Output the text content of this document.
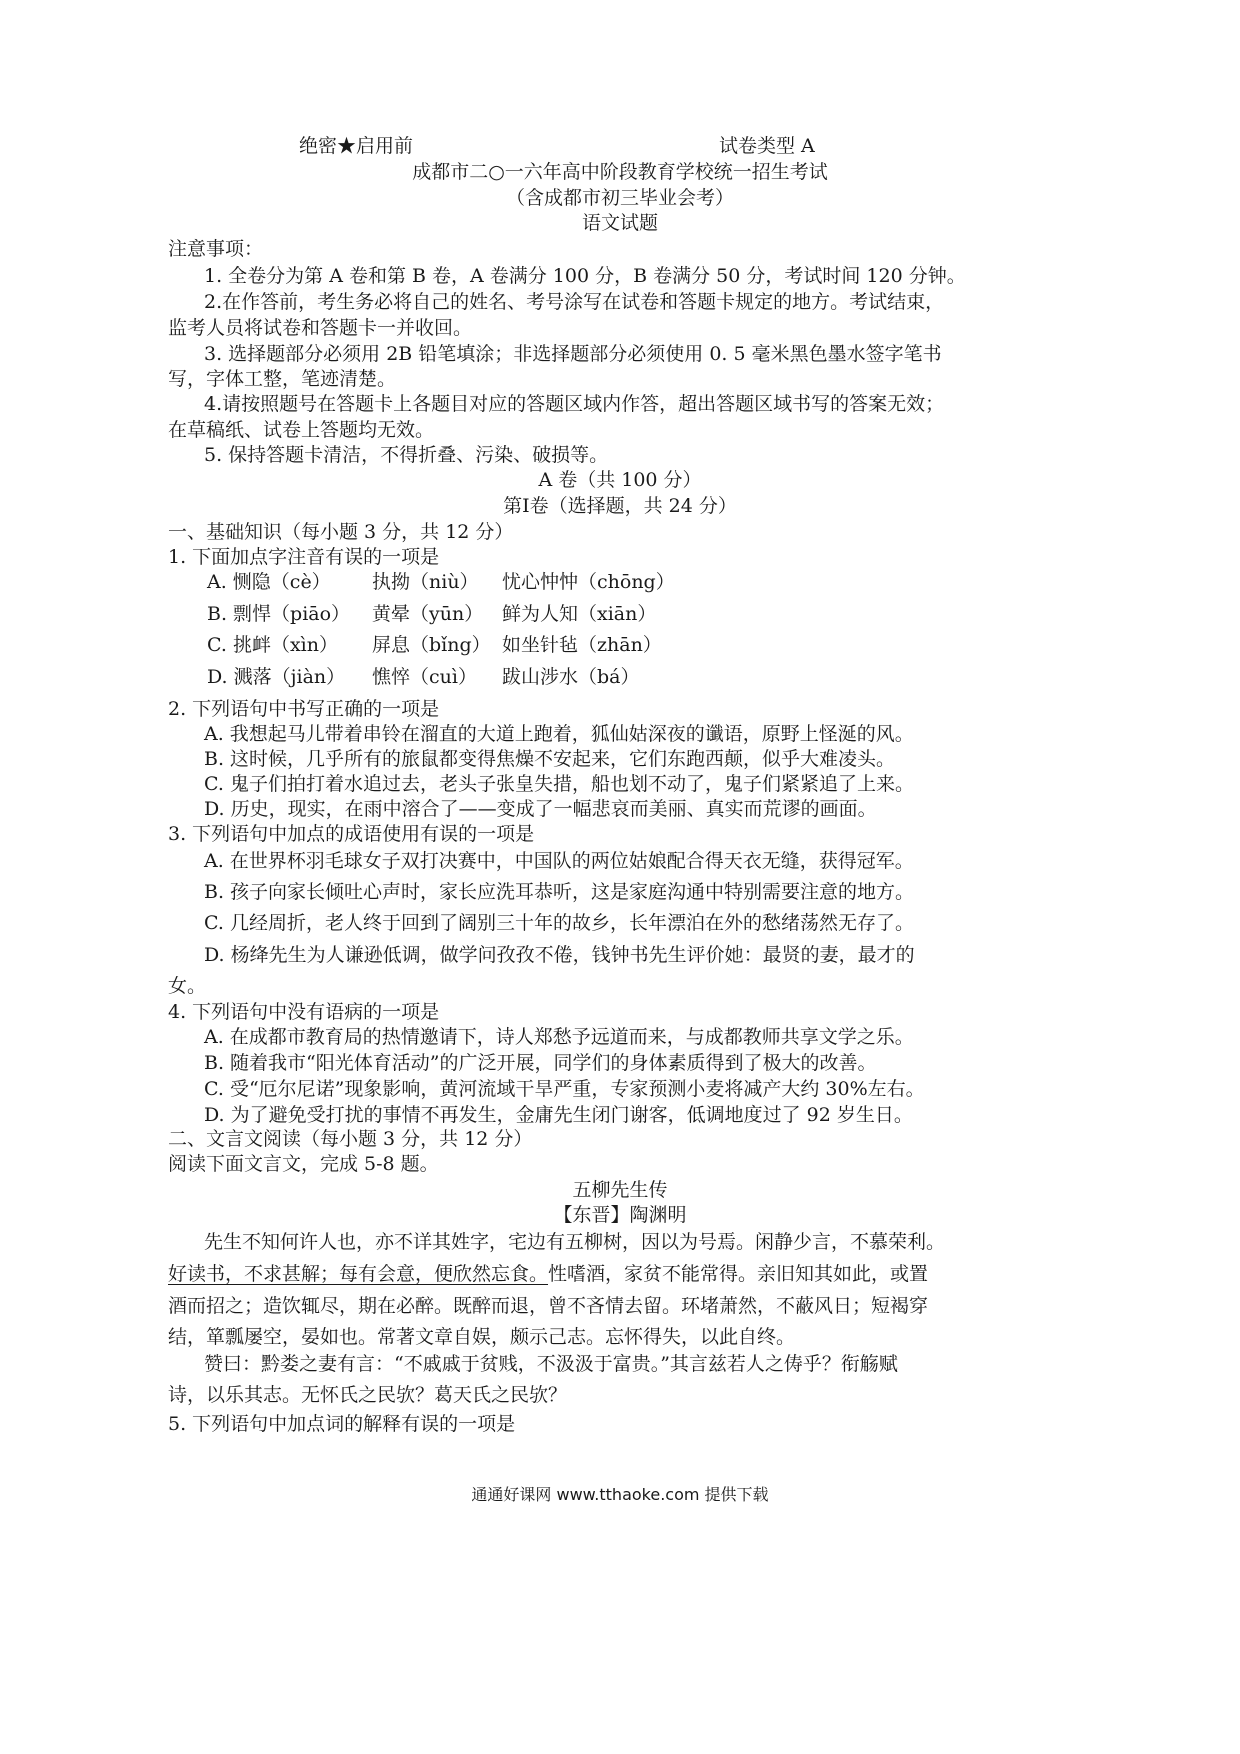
绝密★启用前	试卷类型 A
成都市二○一六年高中阶段教育学校统一招生考试
（含成都市初三毕业会考）
语文试题
注意事项：
1. 全卷分为第 A 卷和第 B 卷，A 卷满分 100 分，B 卷满分 50 分，考试时间 120 分钟。
2.在作答前，考生务必将自己的姓名、考号涂写在试卷和答题卡规定的地方。考试结束，
监考人员将试卷和答题卡一并收回。
3. 选择题部分必须用 2B 铅笔填涂；非选择题部分必须使用 0. 5 毫米黑色墨水签字笔书
写，字体工整，笔迹清楚。
4.请按照题号在答题卡上各题目对应的答题区域内作答，超出答题区域书写的答案无效；
在草稿纸、试卷上答题均无效。
5. 保持答题卡清洁，不得折叠、污染、破损等。
A 卷（共 100 分）
第Ⅰ卷（选择题，共 24 分）
一、基础知识（每小题 3 分，共 12 分）
1. 下面加点字注音有误的一项是
A. 恻隐（cè） 执拗（niù） 忧心忡忡（chōng）
B. 剽悍（piāo） 黄晕（yūn） 鲜为人知（xiān）
C. 挑衅（xìn） 屏息（bǐng） 如坐针毡（zhān）
D. 溅落（jiàn） 憔悴（cuì） 跋山涉水（bá）
2. 下列语句中书写正确的一项是
A. 我想起马儿带着串铃在溜直的大道上跑着，狐仙姑深夜的谶语，原野上怪涎的风。
B. 这时候，几乎所有的旅鼠都变得焦燥不安起来，它们东跑西颠，似乎大难凌头。
C. 鬼子们拍打着水追过去，老头子张皇失措，船也划不动了，鬼子们紧紧追了上来。
D. 历史，现实，在雨中溶合了——变成了一幅悲哀而美丽、真实而荒谬的画面。
3. 下列语句中加点的成语使用有误的一项是
A. 在世界杯羽毛球女子双打决赛中，中国队的两位姑娘配合得天衣无缝，获得冠军。
B. 孩子向家长倾吐心声时，家长应洗耳恭听，这是家庭沟通中特别需要注意的地方。
C. 几经周折，老人终于回到了阔别三十年的故乡，长年漂泊在外的愁绪荡然无存了。
D. 杨绛先生为人谦逊低调，做学问孜孜不倦，钱钟书先生评价她：最贤的妻，最才的
女。
4. 下列语句中没有语病的一项是
A. 在成都市教育局的热情邀请下，诗人郑愁予远道而来，与成都教师共享文学之乐。
B. 随着我市“阳光体育活动”的广泛开展，同学们的身体素质得到了极大的改善。
C. 受“厄尔尼诺”现象影响，黄河流域干旱严重，专家预测小麦将减产大约 30%左右。
D. 为了避免受打扰的事情不再发生，金庸先生闭门谢客，低调地度过了 92 岁生日。
二、文言文阅读（每小题 3 分，共 12 分）
阅读下面文言文，完成 5-8 题。
五柳先生传
【东晋】陶渊明
先生不知何许人也，亦不详其姓字，宅边有五柳树，因以为号焉。闲静少言，不慕荣利。
好读书，不求甚解；每有会意，便欣然忘食。性嗜酒，家贫不能常得。亲旧知其如此，或置
酒而招之；造饮辄尽，期在必醉。既醉而退，曾不吝情去留。环堵萧然，不蔽风日；短褐穿
结，箪瓢屡空，晏如也。常著文章自娱，颇示己志。忘怀得失，以此自终。
赞曰：黔娄之妻有言：“不戚戚于贫贱，不汲汲于富贵。”其言兹若人之俦乎？衔觞赋
诗，以乐其志。无怀氏之民欤？葛天氏之民欤？
5. 下列语句中加点词的解释有误的一项是
通通好课网 www.tthaoke.com 提供下载
